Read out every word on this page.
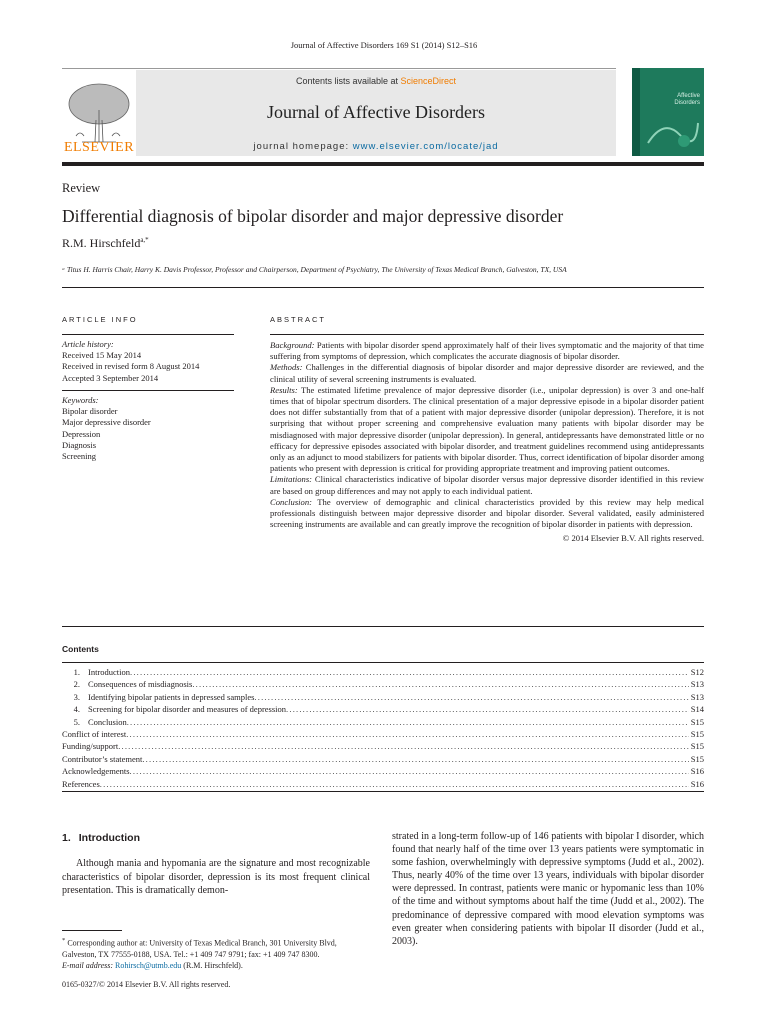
Journal of Affective Disorders 169 S1 (2014) S12–S16
ELSEVIER
Contents lists available at ScienceDirect
Journal of Affective Disorders
journal homepage: www.elsevier.com/locate/jad
Affective
Disorders
Review
Differential diagnosis of bipolar disorder and major depressive disorder
R.M. Hirschfeld$^{a,*}$
ᵃ Titus H. Harris Chair, Harry K. Davis Professor, Professor and Chairperson, Department of Psychiatry, The University of Texas Medical Branch, Galveston, TX, USA
ARTICLE INFO	ABSTRACT
Article history:
Received 15 May 2014
Received in revised form 8 August 2014
Accepted 3 September 2014
Keywords:
Bipolar disorder
Major depressive disorder
Depression
Diagnosis
Screening

Background: Patients with bipolar disorder spend approximately half of their lives symptomatic and the majority of that time suffering from symptoms of depression, which complicates the accurate diagnosis of bipolar disorder.

Methods: Challenges in the differential diagnosis of bipolar disorder and major depressive disorder are reviewed, and the clinical utility of several screening instruments is evaluated.

Results: The estimated lifetime prevalence of major depressive disorder (i.e., unipolar depression) is over 3 and one-half times that of bipolar spectrum disorders. The clinical presentation of a major depressive episode in a bipolar disorder patient does not differ substantially from that of a patient with major depressive disorder (unipolar depression). Therefore, it is not surprising that without proper screening and comprehensive evaluation many patients with bipolar disorder may be misdiagnosed with major depressive disorder (unipolar depression). In general, antidepressants have demonstrated little or no efficacy for depressive episodes associated with bipolar disorder, and treatment guidelines recommend using antidepressants only as an adjunct to mood stabilizers for patients with bipolar disorder. Thus, correct identification of bipolar disorder among patients who present with depression is critical for providing appropriate treatment and improving patient outcomes.

Limitations: Clinical characteristics indicative of bipolar disorder versus major depressive disorder identified in this review are based on group differences and may not apply to each individual patient.

Conclusion: The overview of demographic and clinical characteristics provided by this review may help medical professionals distinguish between major depressive disorder and bipolar disorder. Several validated, easily administered screening instruments are available and can greatly improve the recognition of bipolar disorder in patients with depression.

© 2014 Elsevier B.V. All rights reserved.

Contents
1. Introduction .....	S12
2. Consequences of misdiagnosis .....	S13
3. Identifying bipolar patients in depressed samples .....	S13
4. Screening for bipolar disorder and measures of depression .....	S14
5. Conclusion .....	S15
Conflict of interest .....	S15
Funding/support .....	S15
Contributor’s statement .....	S15
Acknowledgements .....	S16
References .....	S16
1. Introduction
Although mania and hypomania are the signature and most recognizable characteristics of bipolar disorder, depression is its most frequent clinical presentation. This is dramatically demon-
strated in a long-term follow-up of 146 patients with bipolar I disorder, which found that nearly half of the time over 13 years patients were symptomatic in some fashion, overwhelmingly with depressive symptoms (Judd et al., 2002). Thus, nearly 40% of the time over 13 years, individuals with bipolar disorder were depressed. In contrast, patients were manic or hypomanic less than 10% of the time and without symptoms about half the time (Judd et al., 2002). The predominance of depressive compared with mood elevation symptoms was even greater when considering patients with bipolar II disorder (Judd et al., 2003).
* Corresponding author at: University of Texas Medical Branch, 301 University Blvd, Galveston, TX 77555-0188, USA. Tel.: +1 409 747 9791; fax: +1 409 747 8300.
E-mail address: Rohirsch@utmb.edu (R.M. Hirschfeld).
0165-0327/© 2014 Elsevier B.V. All rights reserved.
